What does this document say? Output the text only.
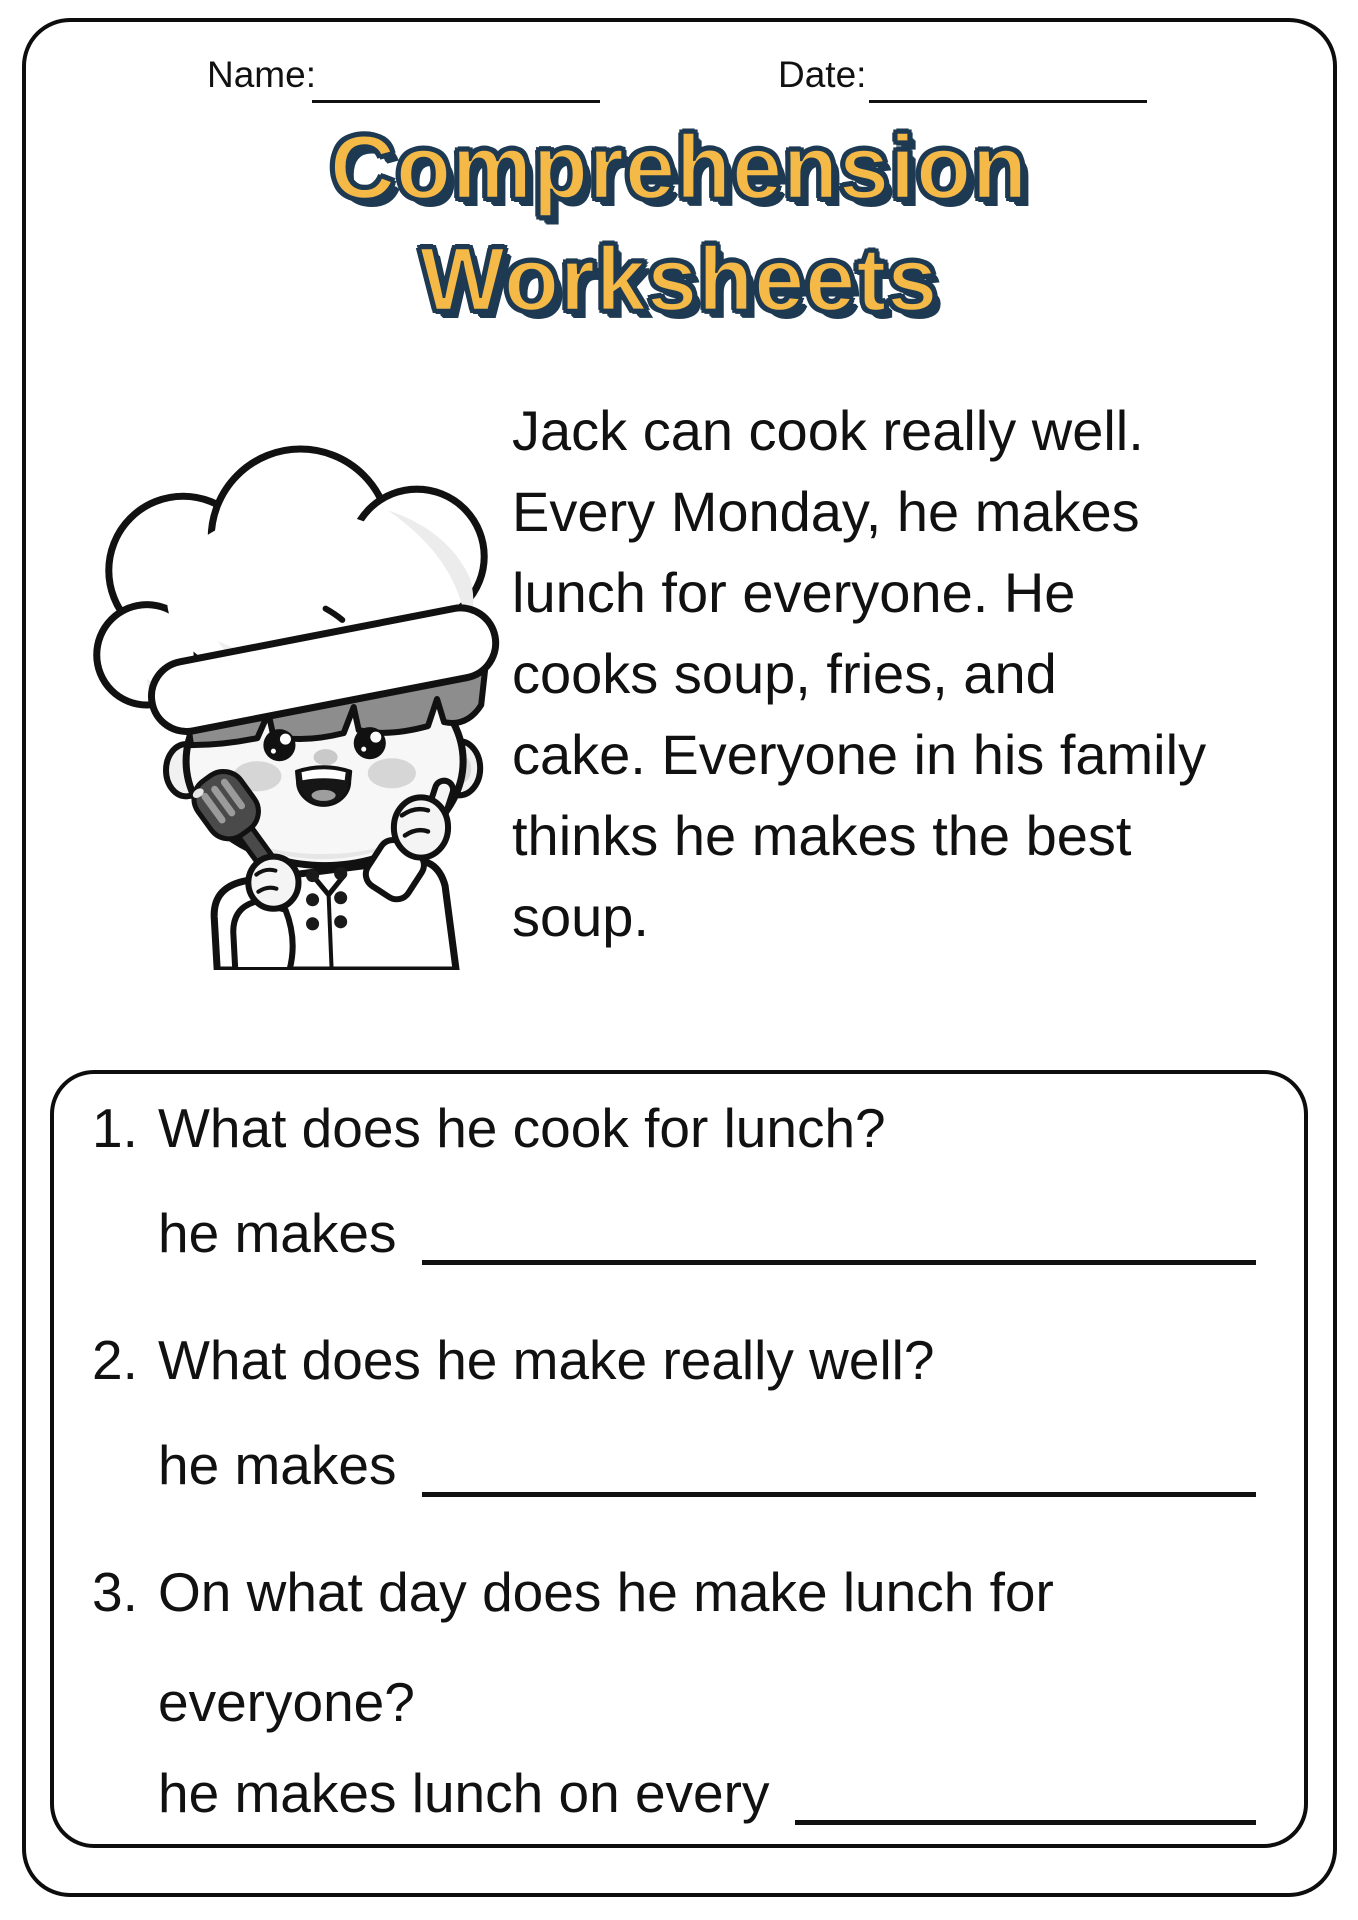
Name:	Date:
Comprehension
Worksheets
Jack can cook really well.
Every Monday, he makes
lunch for everyone. He
cooks soup, fries, and
cake. Everyone in his family
thinks he makes the best
soup.
1. What does he cook for lunch?
he makes
2. What does he make really well?
he makes
3. On what day does he make lunch for
everyone?
he makes lunch on every
